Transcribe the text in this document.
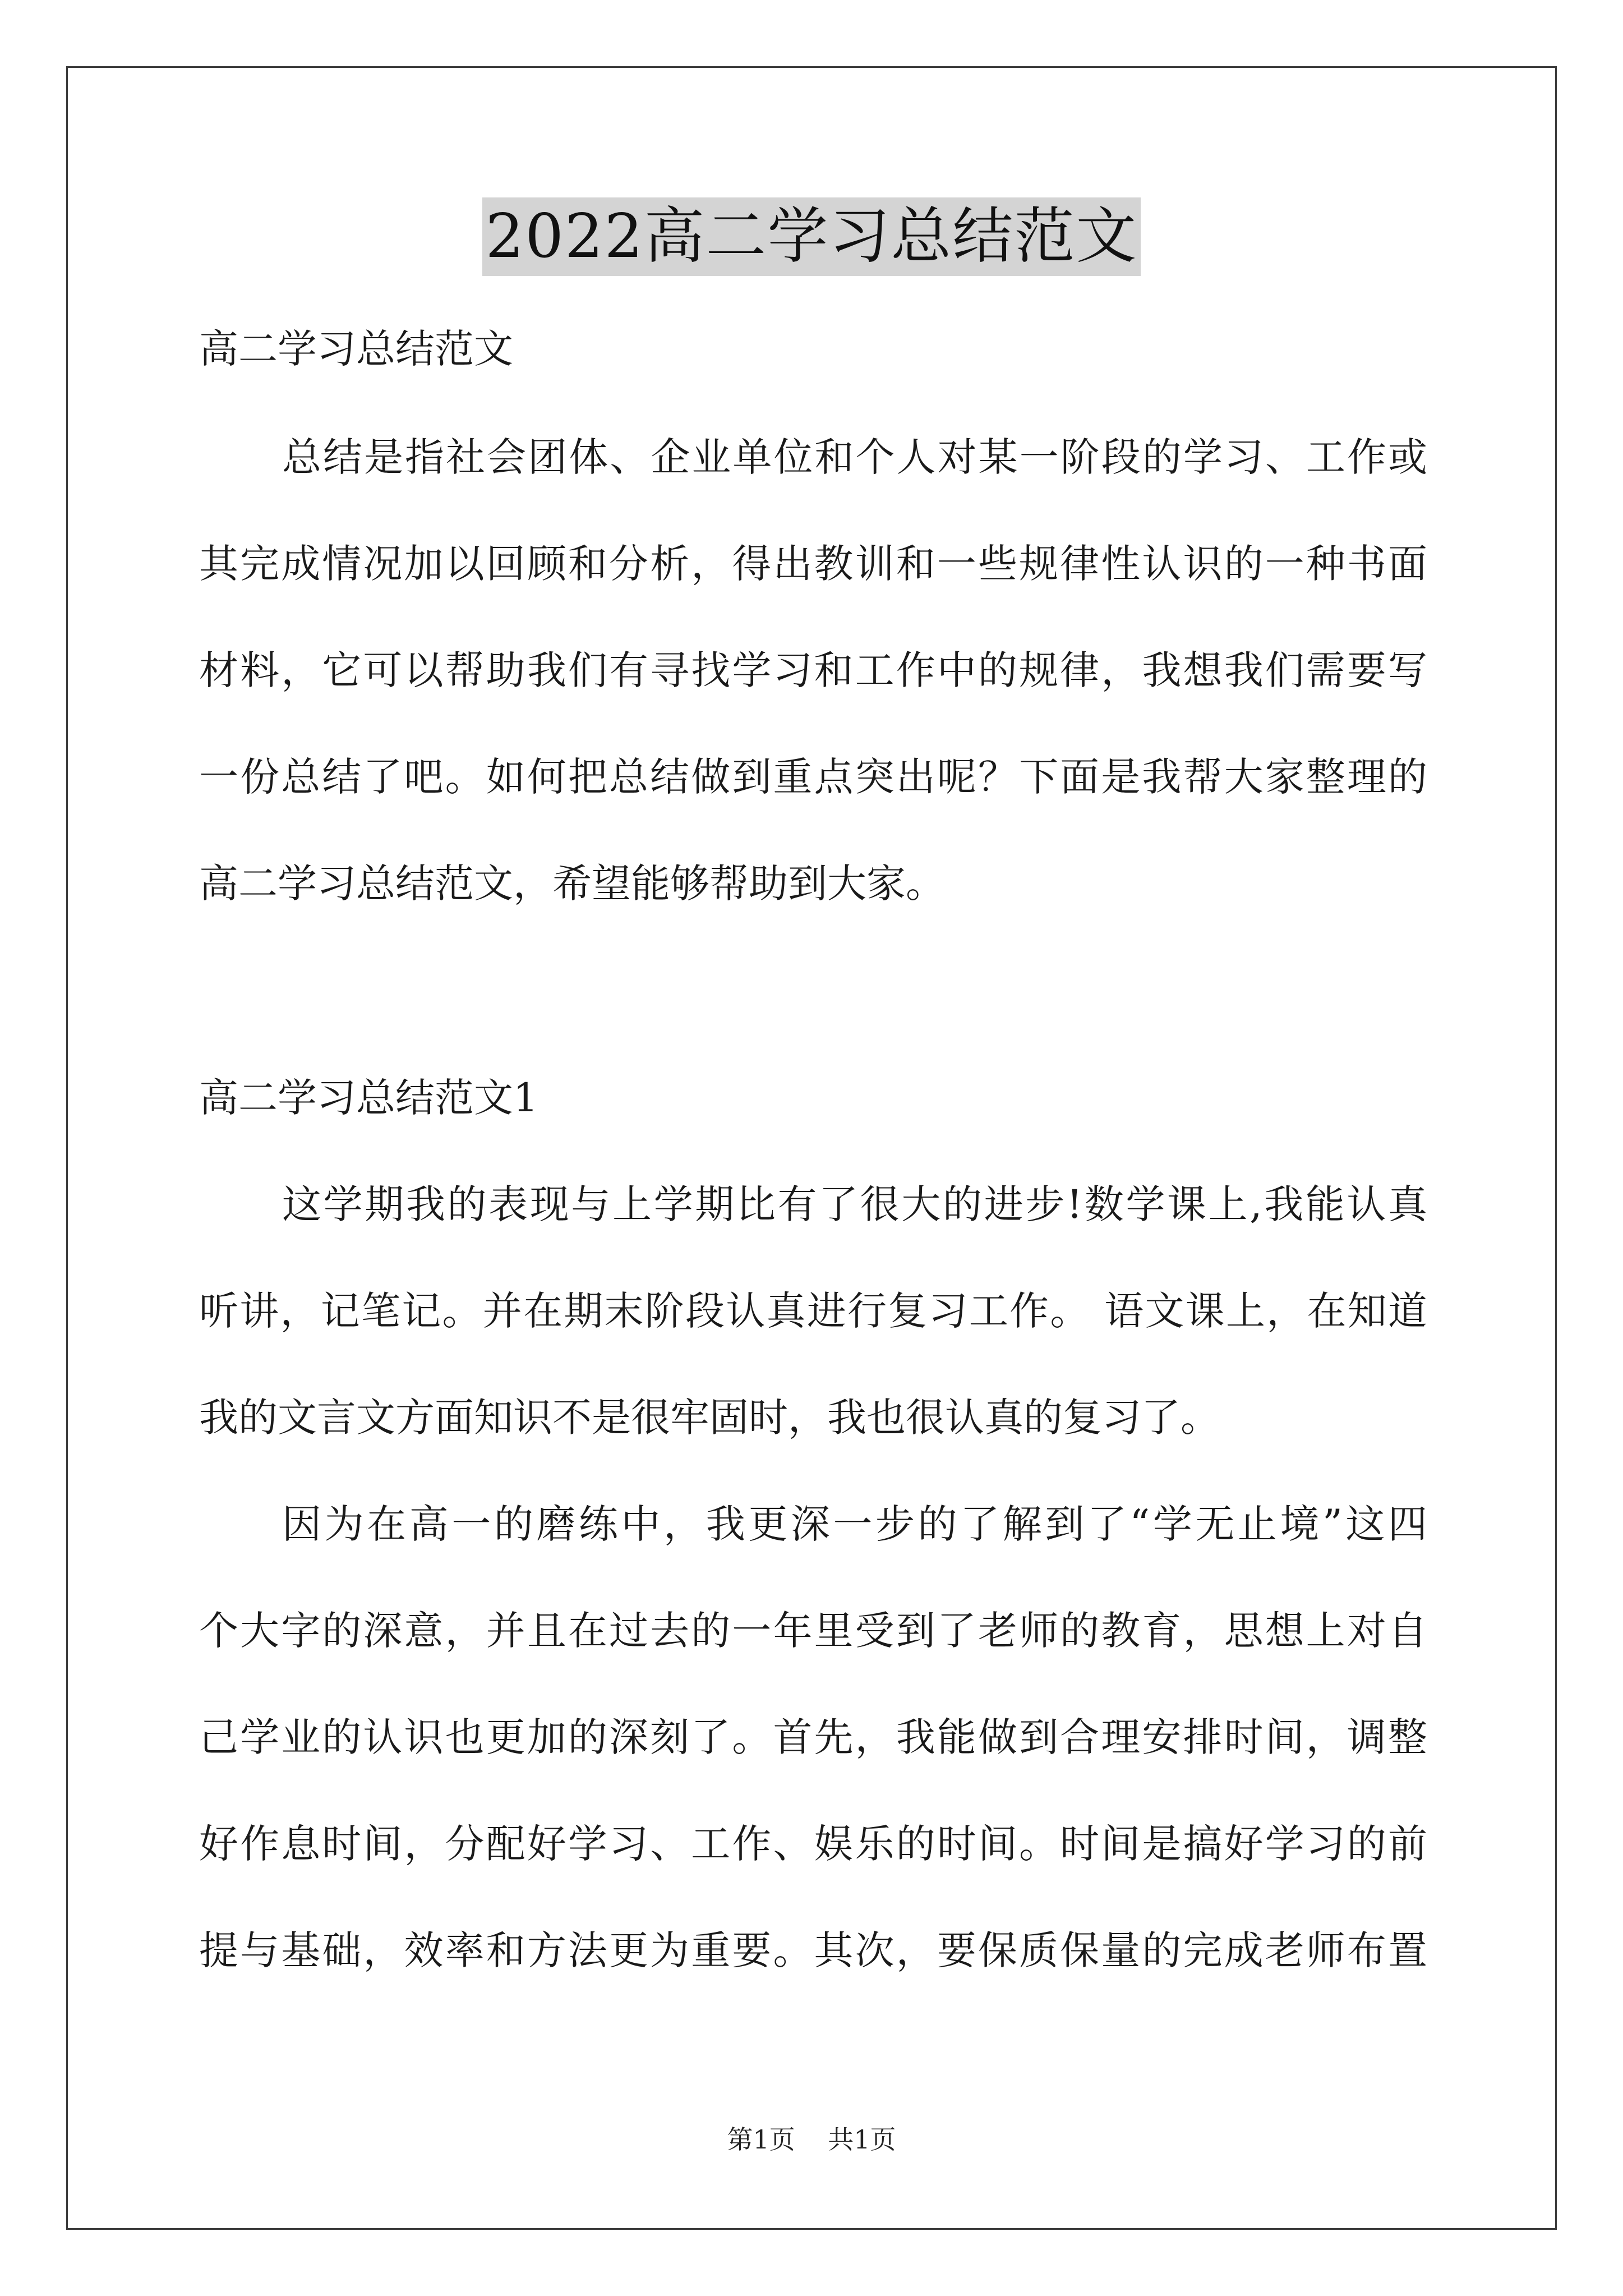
2022高二学习总结范文
高二学习总结范文
总结是指社会团体、企业单位和个人对某一阶段的学习、工作或
其完成情况加以回顾和分析，得出教训和一些规律性认识的一种书面
材料，它可以帮助我们有寻找学习和工作中的规律，我想我们需要写
一份总结了吧。如何把总结做到重点突出呢？下面是我帮大家整理的
高二学习总结范文，希望能够帮助到大家。
高二学习总结范文1
这学期我的表现与上学期比有了很大的进步!数学课上,我能认真
听讲，记笔记。并在期末阶段认真进行复习工作。 语文课上，在知道
我的文言文方面知识不是很牢固时，我也很认真的复习了。
因为在高一的磨练中，我更深一步的了解到了“学无止境”这四
个大字的深意，并且在过去的一年里受到了老师的教育，思想上对自
己学业的认识也更加的深刻了。首先，我能做到合理安排时间，调整
好作息时间，分配好学习、工作、娱乐的时间。时间是搞好学习的前
提与基础，效率和方法更为重要。其次，要保质保量的完成老师布置
第1页 共1页
